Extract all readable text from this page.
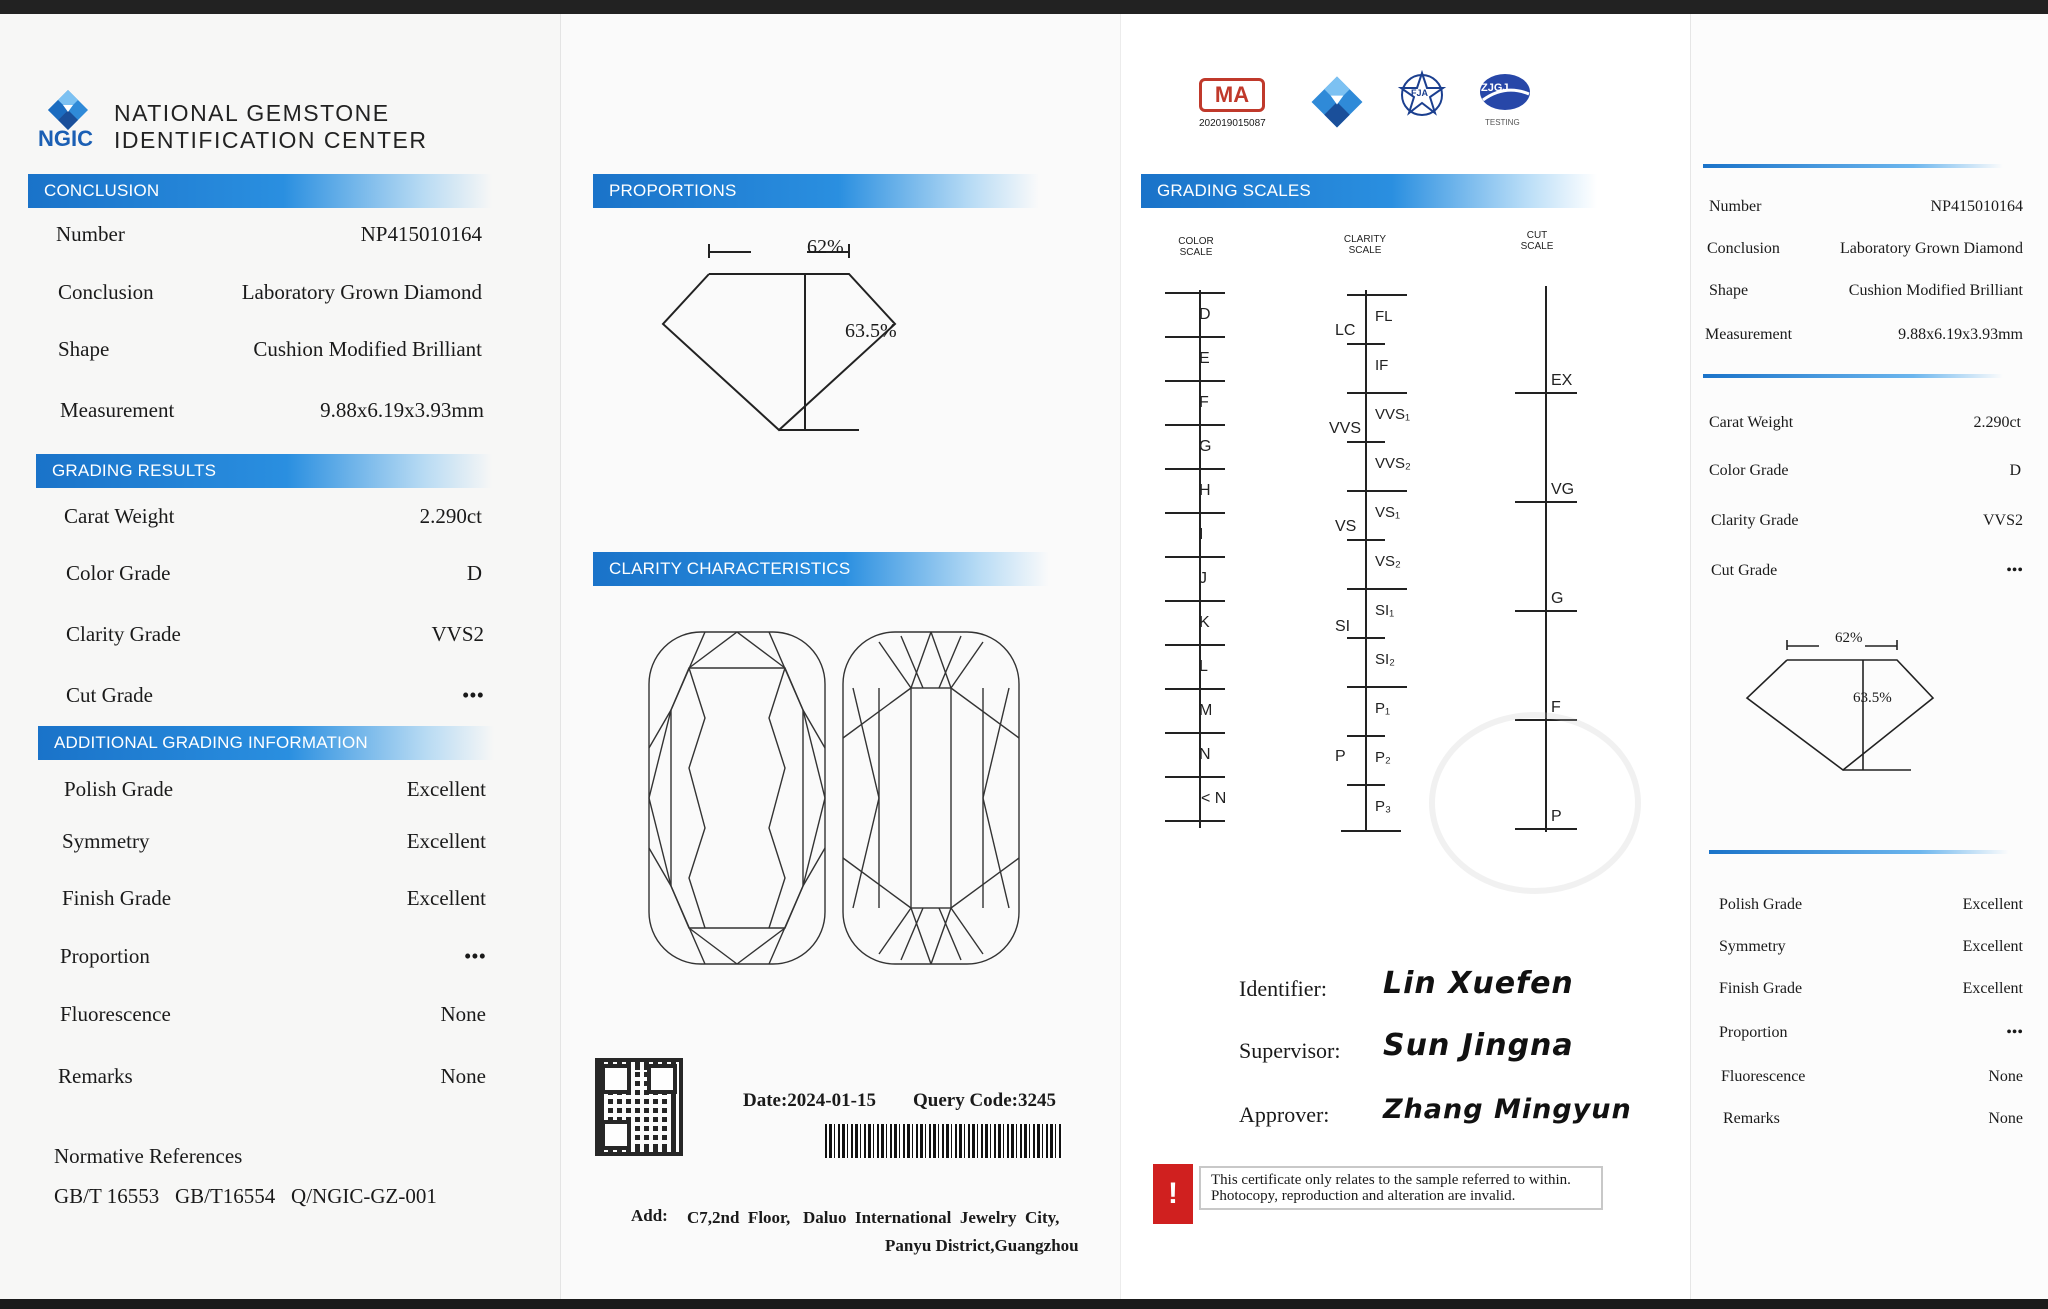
NGIC
NATIONAL GEMSTONE
IDENTIFICATION CENTER
CONCLUSION
Number	NP415010164
Conclusion	Laboratory Grown Diamond
Shape	Cushion Modified Brilliant
Measurement	9.88x6.19x3.93mm
GRADING RESULTS
Carat Weight	2.290ct
Color Grade	D
Clarity Grade	VVS2
Cut Grade	•••
ADDITIONAL GRADING INFORMATION
Polish Grade	Excellent
Symmetry	Excellent
Finish Grade	Excellent
Proportion	•••
Fluorescence	None
Remarks	None
Normative References
GB/T 16553   GB/T16554   Q/NGIC-GZ-001
PROPORTIONS
62%
63.5%
CLARITY CHARACTERISTICS
Date:2024-01-15 Query Code:3245
Add: C7,2nd  Floor,   Daluo  International  Jewelry  City,
Panyu District,Guangzhou
MA
202019015087
FJA	ZJGJ
TESTING
GRADING SCALES
COLOR SCALE
CLARITY SCALE
CUT SCALE
D
E
F
G
H
I
J
K
L
M
N
< N
FL
IF
VVS₁
VVS₂
VS₁
VS₂
SI₁
SI₂
P₁
P₂
P₃
LC
VVS
VS
SI
P
EX
VG
G
F
P
Identifier: Lin Xuefen
Supervisor: Sun Jingna
Approver: Zhang Mingyun
!	This certificate only relates to the sample referred to within. Photocopy, reproduction and alteration are invalid.
Number	NP415010164
Conclusion	Laboratory Grown Diamond
Shape	Cushion Modified Brilliant
Measurement	9.88x6.19x3.93mm
Carat Weight	2.290ct
Color Grade	D
Clarity Grade	VVS2
Cut Grade	•••
62%
63.5%
Polish Grade	Excellent
Symmetry	Excellent
Finish Grade	Excellent
Proportion	•••
Fluorescence	None
Remarks	None
